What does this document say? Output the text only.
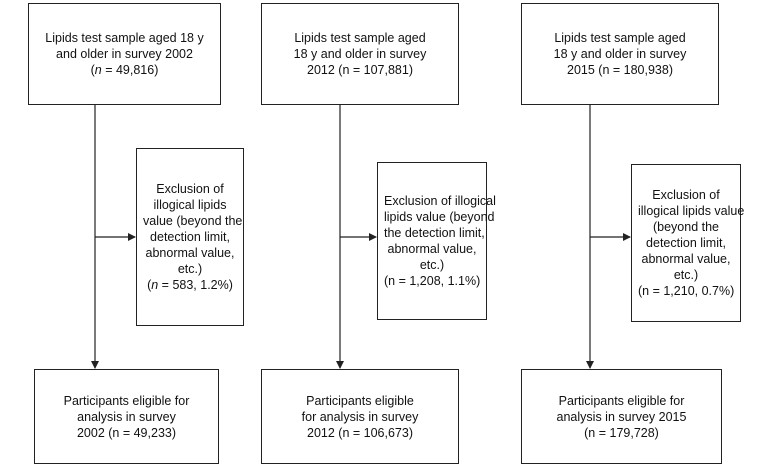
Lipids test sample aged 18 y
and older in survey 2002
(n = 49,816)
Exclusion of
illogical lipids
value (beyond the
detection limit,
abnormal value,
etc.)
(n = 583, 1.2%)
Participants eligible for
analysis in survey
2002 (n = 49,233)
Lipids test sample aged
18 y and older in survey
2012 (n = 107,881)
Exclusion of illogical
lipids value (beyond
the detection limit,
abnormal value,
etc.)
(n = 1,208, 1.1%)
Participants eligible
for analysis in survey
2012 (n = 106,673)
Lipids test sample aged
18 y and older in survey
2015 (n = 180,938)
Exclusion of
illogical lipids value
(beyond the
detection limit,
abnormal value,
etc.)
(n = 1,210, 0.7%)
Participants eligible for
analysis in survey 2015
(n = 179,728)
